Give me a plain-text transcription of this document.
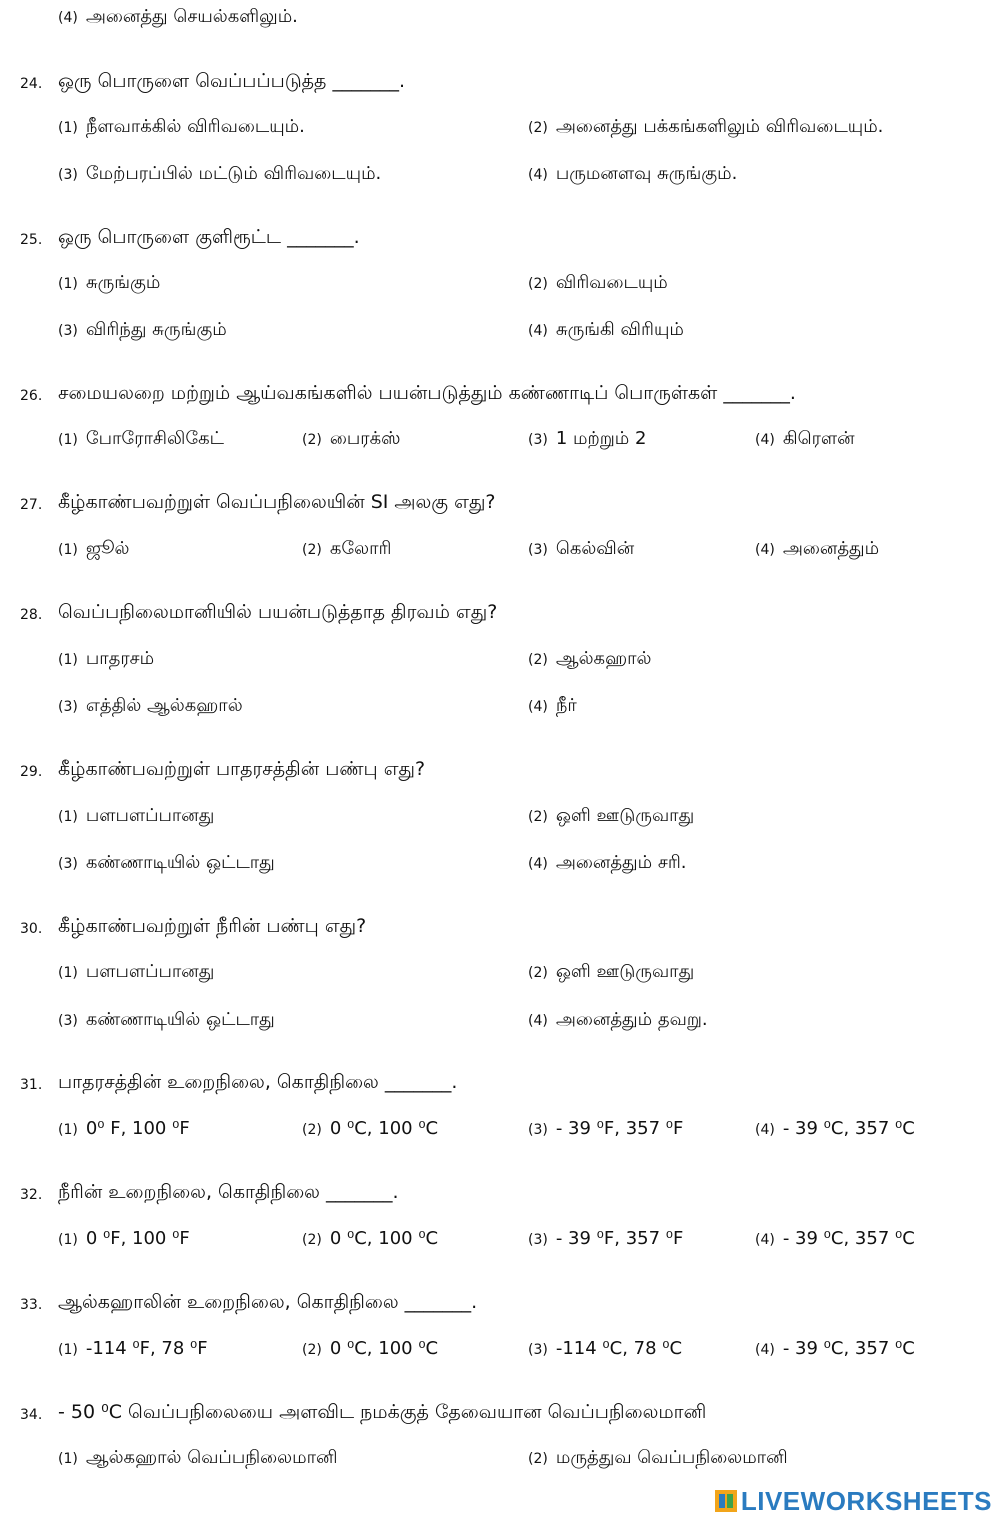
(4) அனைத்து செயல்களிலும்.
24. ஒரு பொருளை வெப்பப்படுத்த _______.
(1) நீளவாக்கில் விரிவடையும்.	(2) அனைத்து பக்கங்களிலும் விரிவடையும்.
(3) மேற்பரப்பில் மட்டும் விரிவடையும்.	(4) பருமனளவு சுருங்கும்.
25. ஒரு பொருளை குளிரூட்ட _______.
(1) சுருங்கும்	(2) விரிவடையும்
(3) விரிந்து சுருங்கும்	(4) சுருங்கி விரியும்
26. சமையலறை மற்றும் ஆய்வகங்களில் பயன்படுத்தும் கண்ணாடிப் பொருள்கள் _______.
(1) போரோசிலிகேட்	(2) பைரக்ஸ்	(3) 1 மற்றும் 2	(4) கிரௌன்
27. கீழ்காண்பவற்றுள் வெப்பநிலையின் SI அலகு எது?
(1) ஜூல்	(2) கலோரி	(3) கெல்வின்	(4) அனைத்தும்
28. வெப்பநிலைமானியில் பயன்படுத்தாத திரவம் எது?
(1) பாதரசம்	(2) ஆல்கஹால்
(3) எத்தில் ஆல்கஹால்	(4) நீர்
29. கீழ்காண்பவற்றுள் பாதரசத்தின் பண்பு எது?
(1) பளபளப்பானது	(2) ஒளி ஊடுருவாது
(3) கண்ணாடியில் ஒட்டாது	(4) அனைத்தும் சரி.
30. கீழ்காண்பவற்றுள் நீரின் பண்பு எது?
(1) பளபளப்பானது	(2) ஒளி ஊடுருவாது
(3) கண்ணாடியில் ஒட்டாது	(4) அனைத்தும் தவறு.
31. பாதரசத்தின் உறைநிலை, கொதிநிலை _______.
(1) 0⁰ F, 100 ⁰F	(2) 0 ⁰C, 100 ⁰C	(3) - 39 ⁰F, 357 ⁰F	(4) - 39 ⁰C, 357 ⁰C
32. நீரின் உறைநிலை, கொதிநிலை _______.
(1) 0 ⁰F, 100 ⁰F	(2) 0 ⁰C, 100 ⁰C	(3) - 39 ⁰F, 357 ⁰F	(4) - 39 ⁰C, 357 ⁰C
33. ஆல்கஹாலின் உறைநிலை, கொதிநிலை _______.
(1) -114 ⁰F, 78 ⁰F	(2) 0 ⁰C, 100 ⁰C	(3) -114 ⁰C, 78 ⁰C	(4) - 39 ⁰C, 357 ⁰C
34. - 50 ⁰C வெப்பநிலையை அளவிட நமக்குத் தேவையான வெப்பநிலைமானி
(1) ஆல்கஹால் வெப்பநிலைமானி	(2) மருத்துவ வெப்பநிலைமானி
LIVEWORKSHEETS
